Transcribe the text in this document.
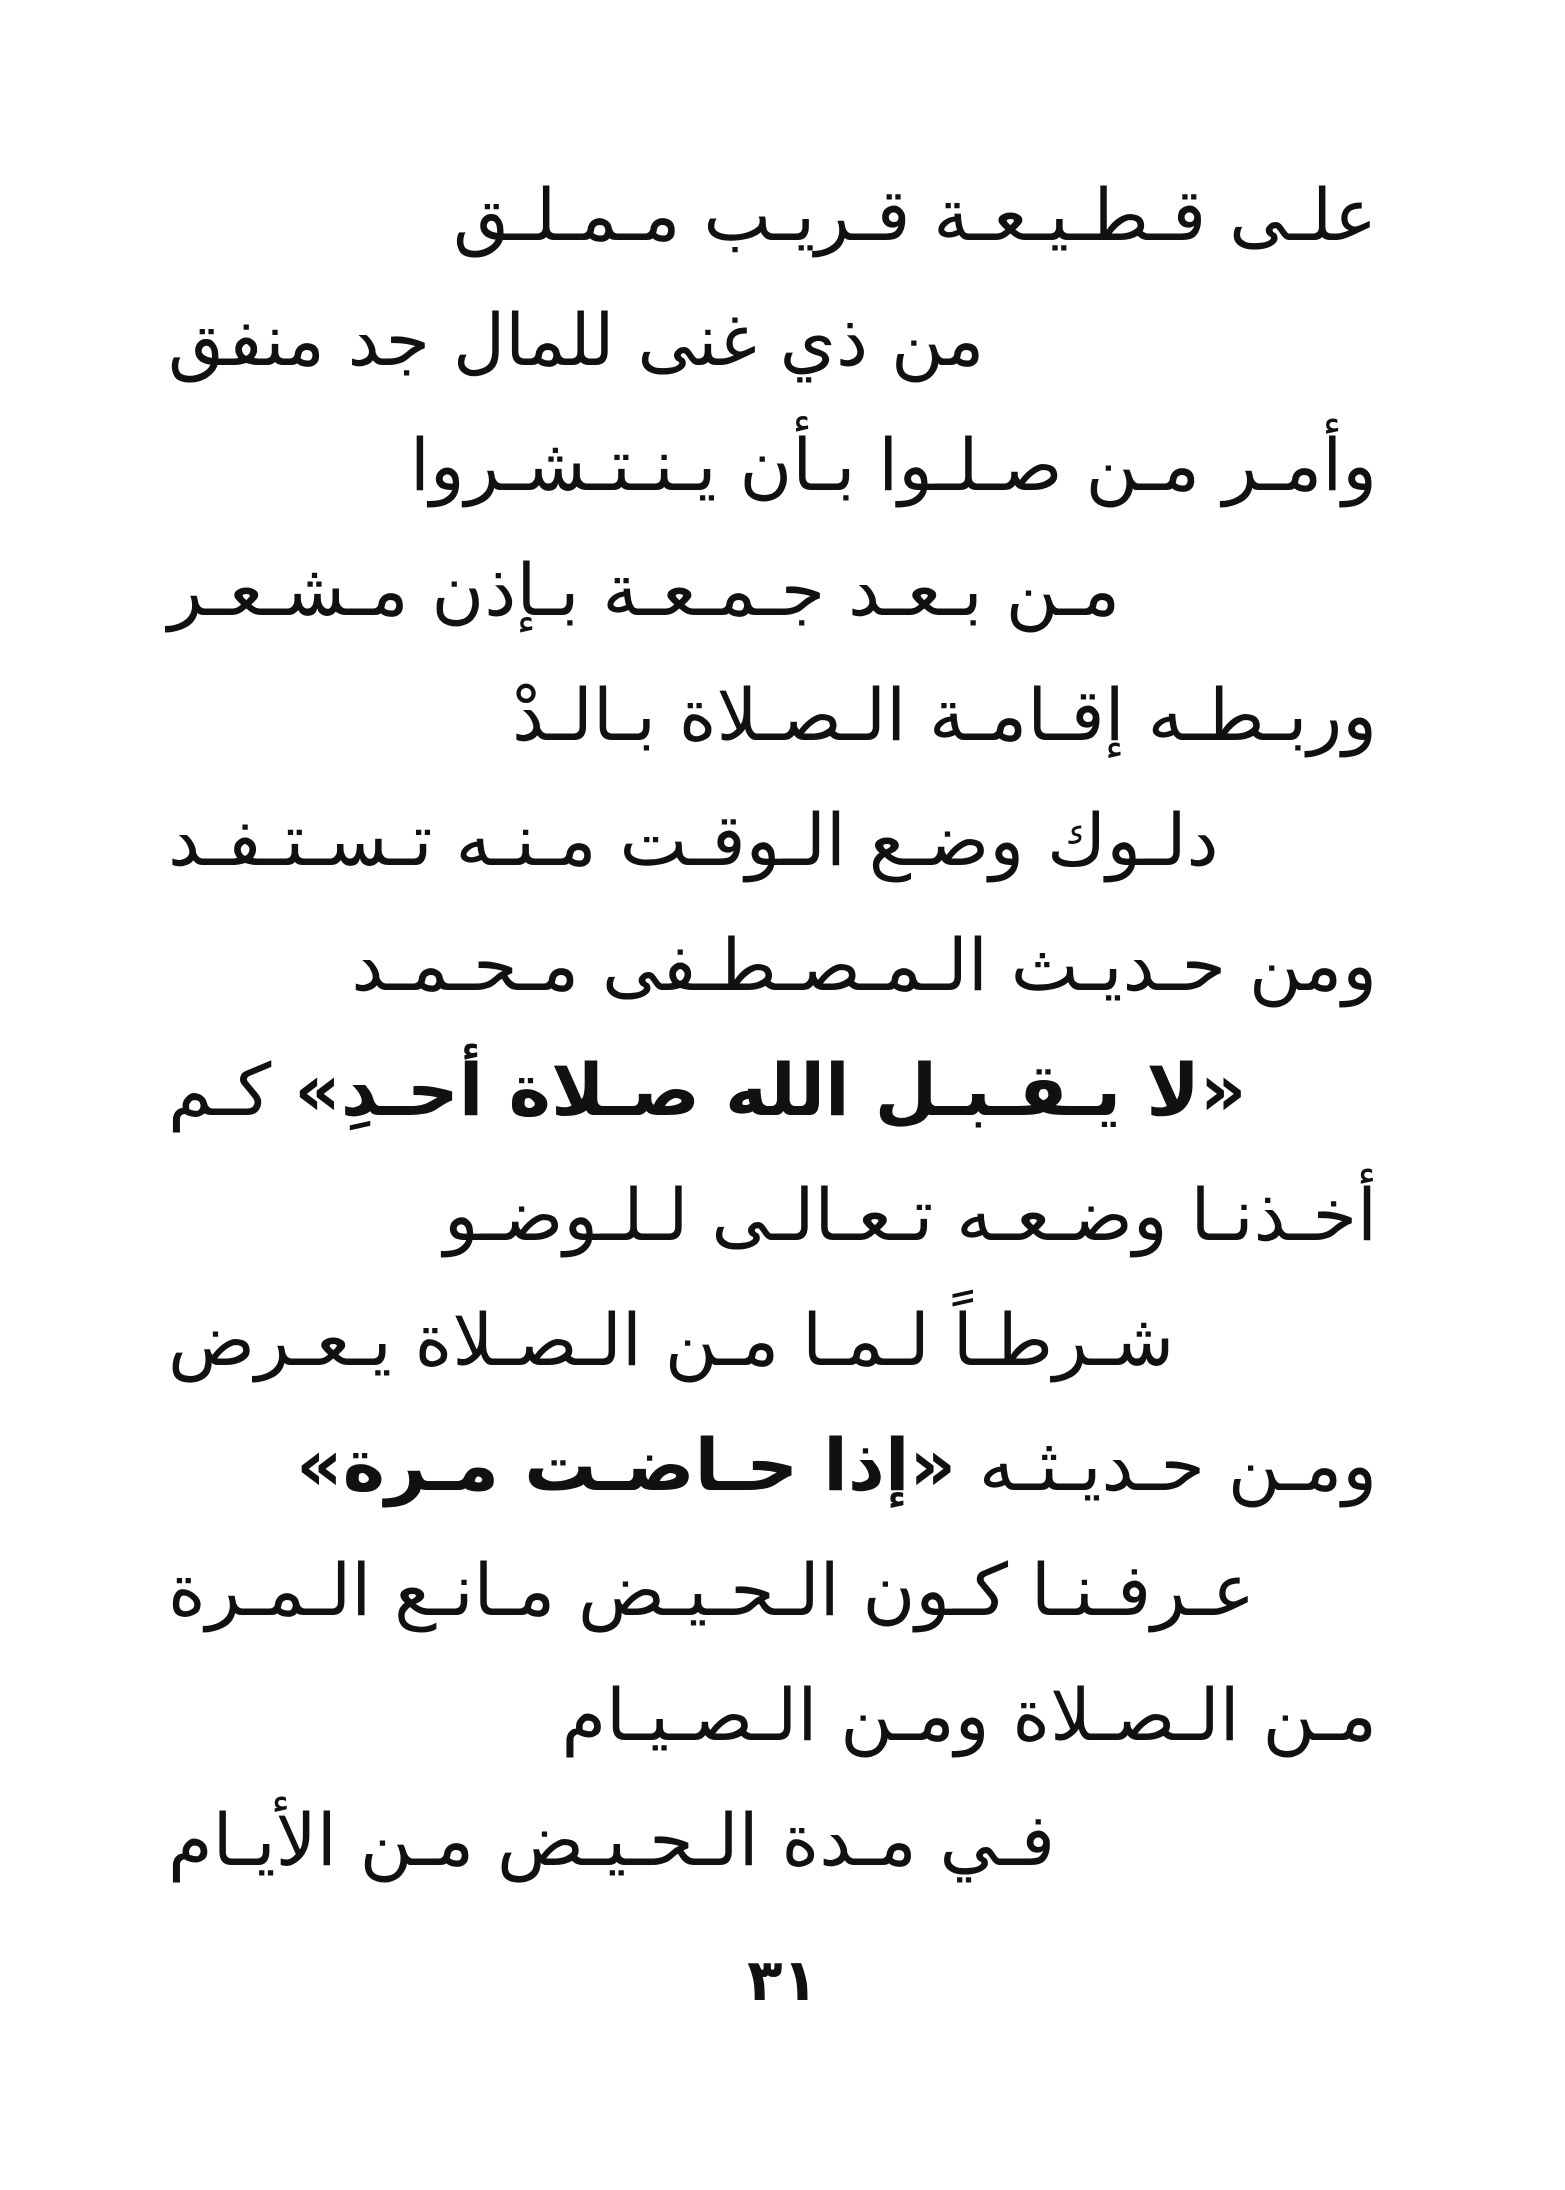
علـى قـطـيـعـة قـريـب مـمـلـق
من ذي غنى للمال جد منفق
وأمـر مـن صـلـوا بـأن يـنـتـشـروا
مـن بـعـد جـمـعـة بـإذن مـشـعـر
وربـطـه إقـامـة الـصـلاة بـالـدْ
دلـوك وضـع الـوقـت مـنـه تـسـتـفـد
ومن حـديـث الـمـصـطـفى مـحـمـد
«لا يـقـبـل الله صـلاة أحـدِ» كـم
أخـذنـا وضـعـه تـعـالـى لـلـوضـو
شـرطـاً لـمـا مـن الـصـلاة يـعـرض
ومـن حـديـثـه «إذا حـاضـت مـرة»
عـرفـنـا كـون الـحـيـض مـانـع الـمـرة
مـن الـصـلاة ومـن الـصـيـام
فـي مـدة الـحـيـض مـن الأيـام
٣١
